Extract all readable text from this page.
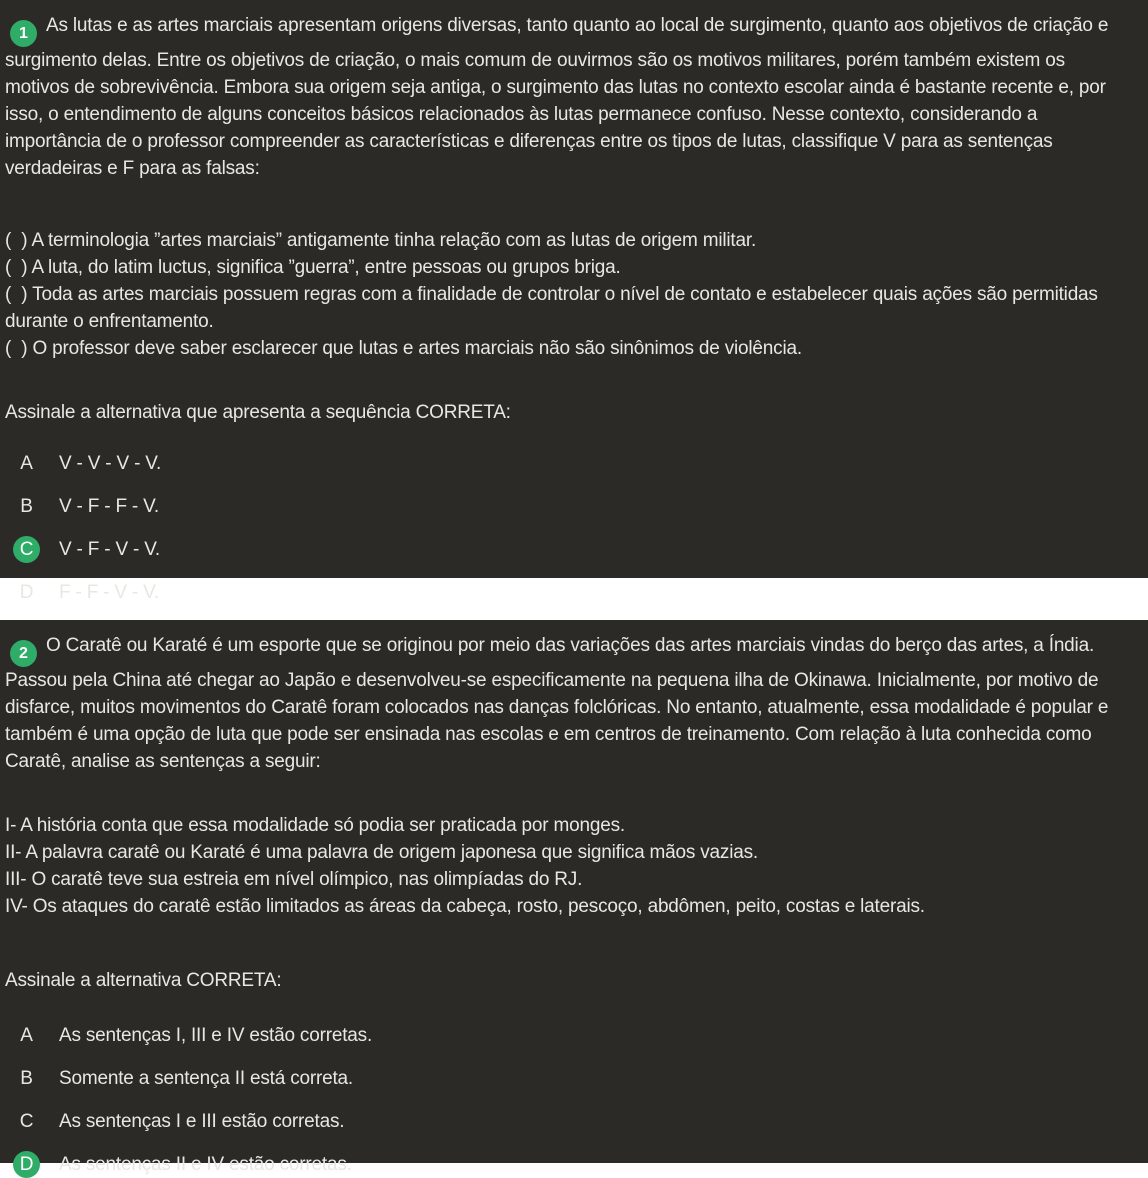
1 As lutas e as artes marciais apresentam origens diversas, tanto quanto ao local de surgimento, quanto aos objetivos de criação e surgimento delas. Entre os objetivos de criação, o mais comum de ouvirmos são os motivos militares, porém também existem os motivos de sobrevivência. Embora sua origem seja antiga, o surgimento das lutas no contexto escolar ainda é bastante recente e, por isso, o entendimento de alguns conceitos básicos relacionados às lutas permanece confuso. Nesse contexto, considerando a importância de o professor compreender as características e diferenças entre os tipos de lutas, classifique V para as sentenças verdadeiras e F para as falsas:

(  ) A terminologia ”artes marciais” antigamente tinha relação com as lutas de origem militar.

(  ) A luta, do latim luctus, significa ”guerra”, entre pessoas ou grupos briga.

(  ) Toda as artes marciais possuem regras com a finalidade de controlar o nível de contato e estabelecer quais ações são permitidas durante o enfrentamento.

(  ) O professor deve saber esclarecer que lutas e artes marciais não são sinônimos de violência.

Assinale a alternativa que apresenta a sequência CORRETA:

A	V - V - V - V.
B	V - F - F - V.
C	V - F - V - V.
D	F - F - V - V.

2 O Caratê ou Karaté é um esporte que se originou por meio das variações das artes marciais vindas do berço das artes, a Índia. Passou pela China até chegar ao Japão e desenvolveu-se especificamente na pequena ilha de Okinawa. Inicialmente, por motivo de disfarce, muitos movimentos do Caratê foram colocados nas danças folclóricas. No entanto, atualmente, essa modalidade é popular e também é uma opção de luta que pode ser ensinada nas escolas e em centros de treinamento. Com relação à luta conhecida como Caratê, analise as sentenças a seguir:

I- A história conta que essa modalidade só podia ser praticada por monges.

II- A palavra caratê ou Karaté é uma palavra de origem japonesa que significa mãos vazias.

III- O caratê teve sua estreia em nível olímpico, nas olimpíadas do RJ.

IV- Os ataques do caratê estão limitados as áreas da cabeça, rosto, pescoço, abdômen, peito, costas e laterais.

Assinale a alternativa CORRETA:

A	As sentenças I, III e IV estão corretas.
B	Somente a sentença II está correta.
C	As sentenças I e III estão corretas.
D	As sentenças II e IV estão corretas.
